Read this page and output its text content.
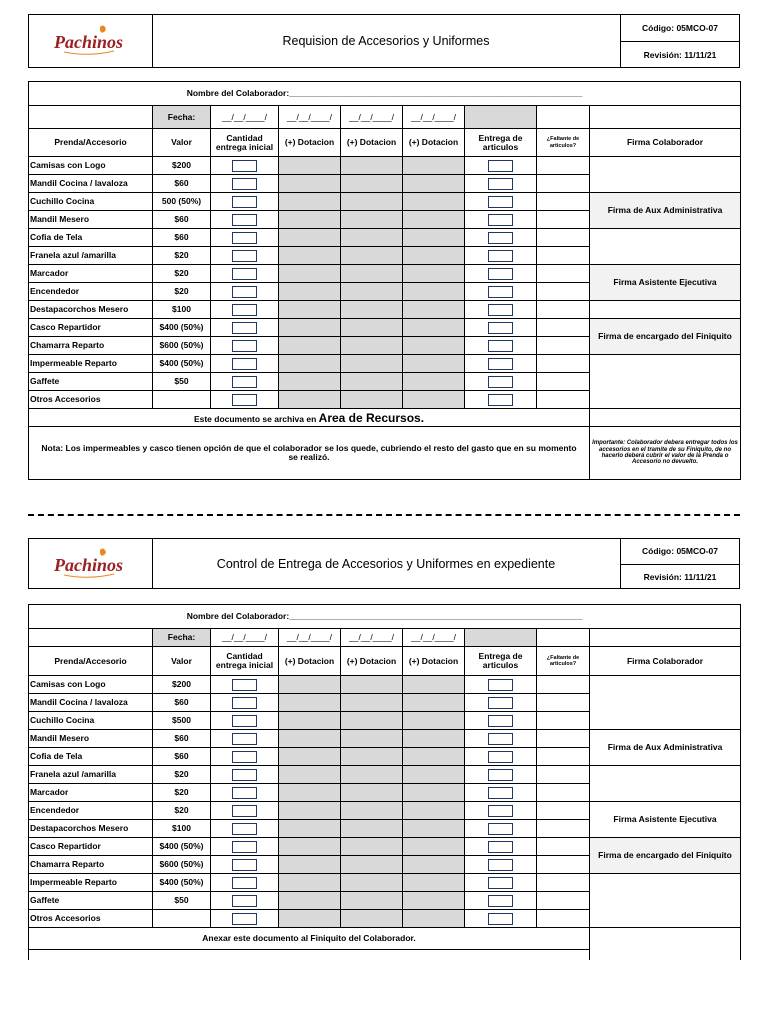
Pachinos	Requision de Accesorios y Uniformes
Código: 05MCO-07
Revisión: 11/11/21
Nombre del Colaborador:______________________________________________________________								
	Fecha:	__/__/____/	__/__/____/	__/__/____/	__/__/____/			
Prenda/Accesorio	Valor	Cantidad entrega inicial	(+) Dotacion	(+) Dotacion	(+) Dotacion	Entrega de articulos	¿Faltante de articulos?	Firma Colaborador
Camisas con Logo	$200	

Mandil Cocina / lavaloza	$60		

Cuchillo Cocina	500 (50%)							Firma de Aux Administrativa
Mandil Mesero	$60		

Cofia de Tela	$60	

Franela azul /amarilla	$20		

Marcador	$20							Firma Asistente Ejecutiva
Encendedor	$20		

Destapacorchos Mesero	$100	

Casco Repartidor	$400 (50%)							Firma de encargado del Finiquito
Chamarra Reparto	$600 (50%)		

Impermeable Reparto	$400 (50%)	

Gaffete	$50		

Otros Accesorios			

Este documento se archiva en Area de Recursos.								
Nota: Los impermeables y casco tienen opción de que el colaborador se los quede, cubriendo el resto del gasto que en su momento se realizó.								Importante: Colaborador debera entregar todos los accesorios en el tramite de su Finiquito, de no hacerlo deberá cubrir el valor de la Prenda o Accesorio no devuelto.
Pachinos	Control de Entrega de Accesorios y Uniformes en expediente
Código: 05MCO-07
Revisión: 11/11/21
Nombre del Colaborador:______________________________________________________________								
	Fecha:	__/__/____/	__/__/____/	__/__/____/	__/__/____/			
Prenda/Accesorio	Valor	Cantidad entrega inicial	(+) Dotacion	(+) Dotacion	(+) Dotacion	Entrega de articulos	¿Faltante de articulos?	Firma Colaborador
Camisas con Logo	$200	

Mandil Cocina / lavaloza	$60		

Cuchillo Cocina	$500		

Mandil Mesero	$60							Firma de Aux Administrativa
Cofia de Tela	$60		

Franela azul /amarilla	$20	

Marcador	$20		

Encendedor	$20							Firma Asistente Ejecutiva
Destapacorchos Mesero	$100		

Casco Repartidor	$400 (50%)							Firma de encargado del Finiquito
Chamarra Reparto	$600 (50%)		

Impermeable Reparto	$400 (50%)	

Gaffete	$50		

Otros Accesorios			

Anexar este documento al Finiquito del Colaborador.								
